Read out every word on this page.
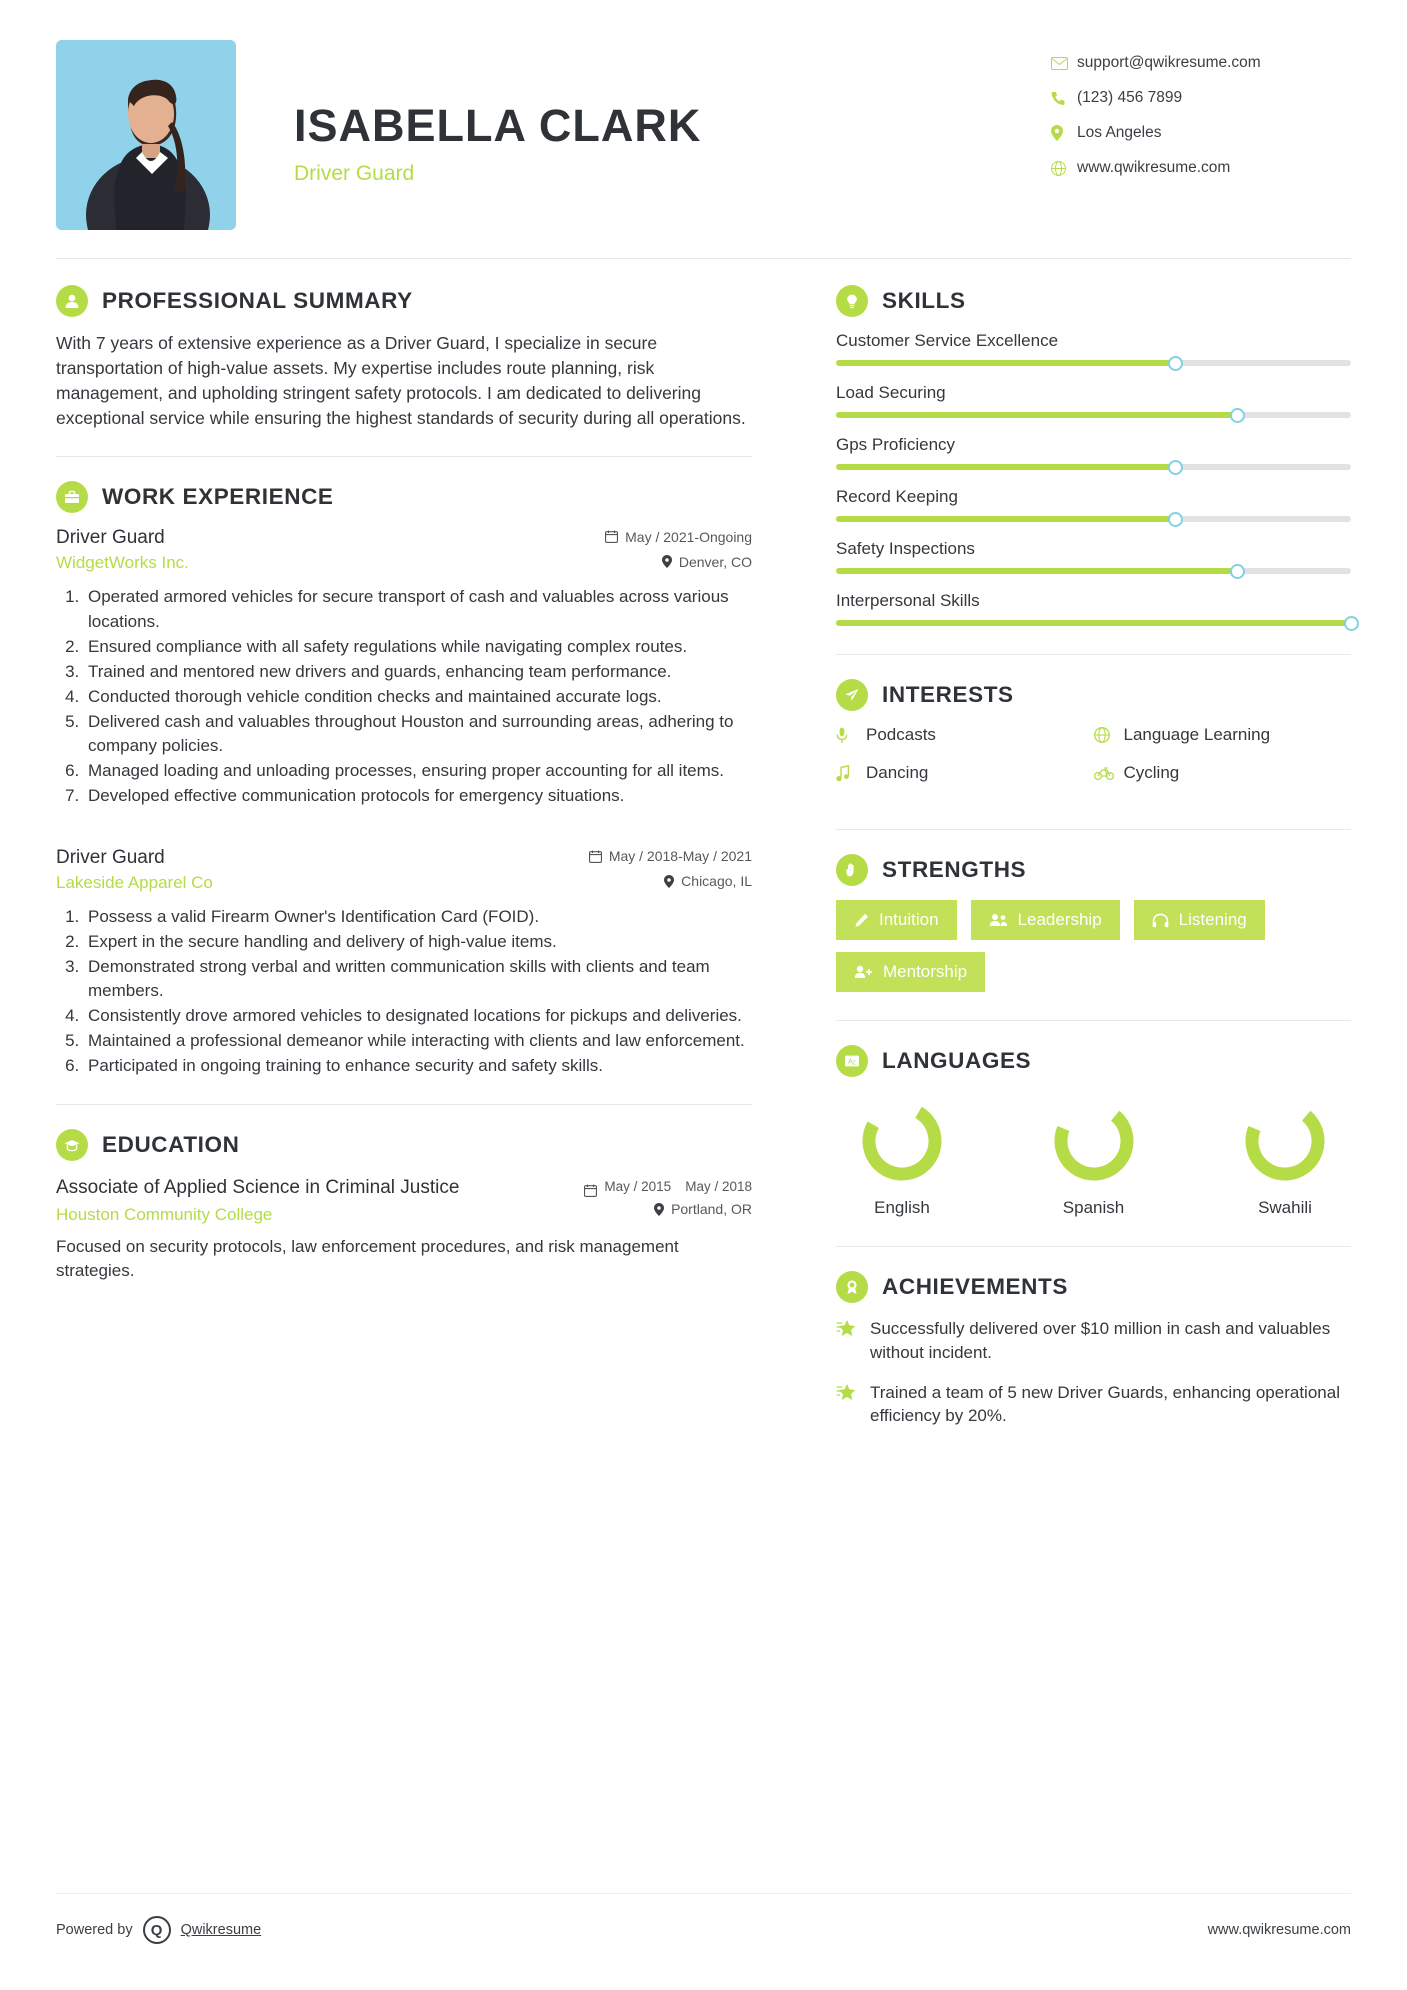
ISABELLA CLARK
Driver Guard
support@qwikresume.com
(123) 456 7899
Los Angeles
www.qwikresume.com
PROFESSIONAL SUMMARY
With 7 years of extensive experience as a Driver Guard, I specialize in secure transportation of high-value assets. My expertise includes route planning, risk management, and upholding stringent safety protocols. I am dedicated to delivering exceptional service while ensuring the highest standards of security during all operations.
WORK EXPERIENCE
Driver Guard	May / 2021-Ongoing
WidgetWorks Inc.	Denver, CO
1. Operated armored vehicles for secure transport of cash and valuables across various locations.
2. Ensured compliance with all safety regulations while navigating complex routes.
3. Trained and mentored new drivers and guards, enhancing team performance.
4. Conducted thorough vehicle condition checks and maintained accurate logs.
5. Delivered cash and valuables throughout Houston and surrounding areas, adhering to company policies.
6. Managed loading and unloading processes, ensuring proper accounting for all items.
7. Developed effective communication protocols for emergency situations.
Driver Guard	May / 2018-May / 2021
Lakeside Apparel Co	Chicago, IL
1. Possess a valid Firearm Owner's Identification Card (FOID).
2. Expert in the secure handling and delivery of high-value items.
3. Demonstrated strong verbal and written communication skills with clients and team members.
4. Consistently drove armored vehicles to designated locations for pickups and deliveries.
5. Maintained a professional demeanor while interacting with clients and law enforcement.
6. Participated in ongoing training to enhance security and safety skills.
EDUCATION
Associate of Applied Science in Criminal Justice	May / 2015 May / 2018
Houston Community College	Portland, OR
Focused on security protocols, law enforcement procedures, and risk management strategies.
SKILLS
Customer Service Excellence
Load Securing
Gps Proficiency
Record Keeping
Safety Inspections
Interpersonal Skills
INTERESTS
Podcasts	Language Learning
Dancing	Cycling
STRENGTHS
Intuition	Leadership	Listening
Mentorship
A Z LANGUAGES
English	Spanish	Swahili
ACHIEVEMENTS
Successfully delivered over $10 million in cash and valuables without incident.
Trained a team of 5 new Driver Guards, enhancing operational efficiency by 20%.
Powered by	Q	Qwikresume	www.qwikresume.com
